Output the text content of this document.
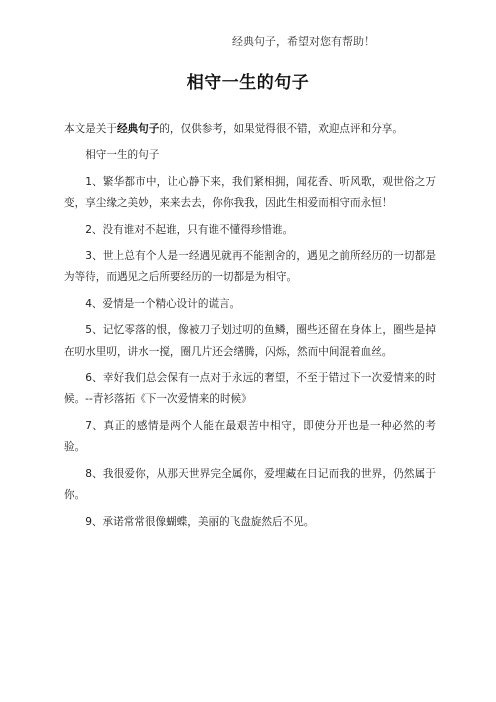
经典句子，希望对您有帮助！
相守一生的句子

本文是关于经典句子的，仅供参考，如果觉得很不错，欢迎点评和分享。

相守一生的句子

1、繁华都市中，让心静下来，我们紧相拥，闻花香、听风歌，观世俗之万变，享尘缘之美妙，来来去去，你你我我，因此生相爱而相守而永恒！

2、没有谁对不起谁，只有谁不懂得珍惜谁。

3、世上总有个人是一经遇见就再不能割舍的，遇见之前所经历的一切都是为等待，而遇见之后所要经历的一切都是为相守。

4、爱情是一个精心设计的谎言。

5、记忆零落的恨，像被刀子划过叨的鱼鳞，圈些还留在身体上，圈些是掉在叨水里叨，讲水一搅，圈几片还会缮腾，闪烁，然而中间混着血丝。

6、幸好我们总会保有一点对于永远的奢望，不至于错过下一次爱情来的时候。--青衫落拓《下一次爱情来的时候》

7、真正的感情是两个人能在最艰苦中相守，即使分开也是一种必然的考验。

8、我很爱你，从那天世界完全属你，爱埋藏在日记而我的世界，仍然属于你。

9、承诺常常很像蝴蝶，美丽的飞盘旋然后不见。
